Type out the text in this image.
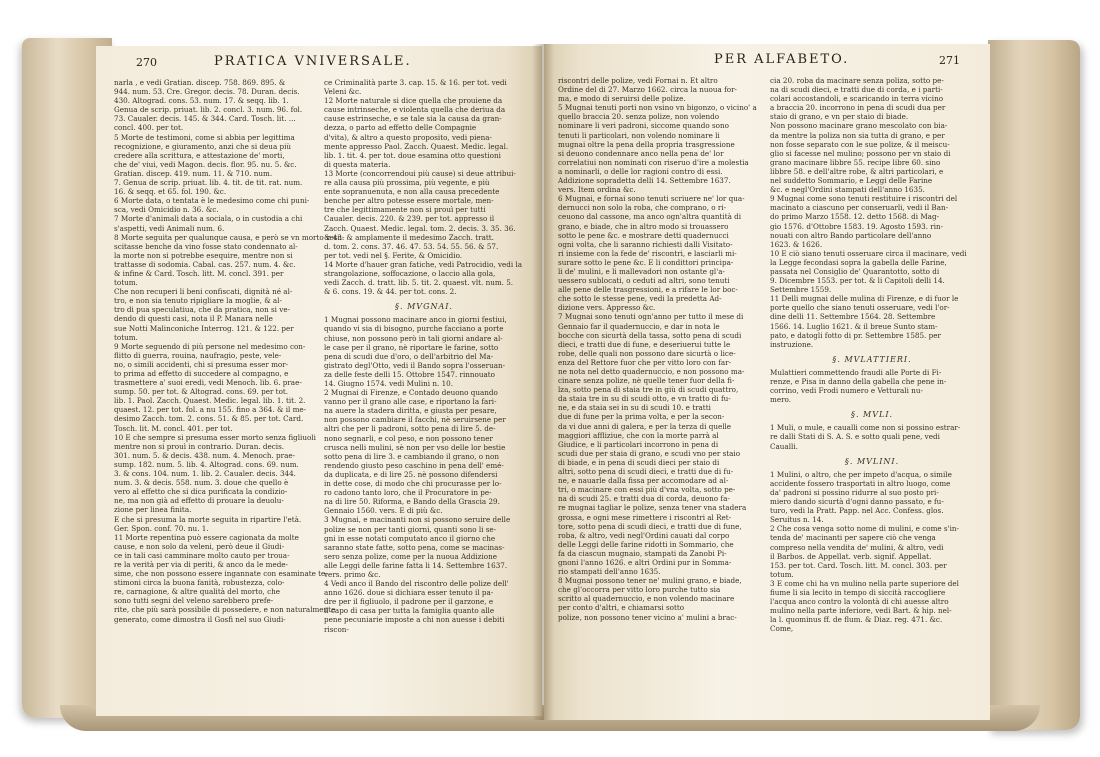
270	PRATICA VNIVERSALE.
narla , e vedi Gratian. discep. 758. 869. 895. &
944. num. 53. Cre. Gregor. decis. 78. Duran. decis.
430. Altograd. cons. 53. num. 17. & seqq. lib. 1.
Genua de scrip. priuat. lib. 2. concl. 3. num. 96. fol.
73. Caualer. decis. 145. & 344. Card. Tosch. lit. ...
concl. 400. per tot.
5 Morte de testimoni, come si abbia per legittima
recognizione, e giuramento, anzi che si deua più
credere alla scrittura, e attestazione de' morti,
che de' viui, vedi Magon. decis. flor. 95. nu. 5. &c.
Gratian. discep. 419. num. 11. & 710. num.
7. Genua de scrip. priuat. lib. 4. tit. de tit. rat. num.
16. & seqq. et 65. fol. 190. &c.
6 Morte data, o tentata è le medesimo come chi puni-
sca, vedi Omicidio n. 36. &c.
7 Morte d'animali data a sociala, o in custodia a chi
s'aspetti, vedi Animali num. 6.
8 Morte seguita per qualunque causa, e però se vn morto resu-
scitasse benche da vino fosse stato condennato al-
la morte non si potrebbe esequire, mentre non si
trattasse di sodomia. Cabal. cas. 257. num. 4. &c.
& infine & Card. Tosch. litt. M. concl. 391. per
totum.
Che non recuperi li beni confiscati, dignità né al-
tro, e non sia tenuto ripigliare la moglie, & al-
tro di pua speculatiua, che da pratica, non si ve-
dendo di questi casi, nota il P. Manara nelle
sue Notti Malinconiche Interrog. 121. & 122. per
totum.
9 Morte seguendo di più persone nel medesimo con-
flitto di guerra, rouina, naufragio, peste, vele-
no, o simili accidenti, chi si presuma esser mor-
to prima ad effetto di succedere al compagno, e
trasmettere a' suoi eredi, vedi Menoch. lib. 6. prae-
sump. 50. per tot. & Altograd. cons. 69. per tot.
lib. 1. Paol. Zacch. Quaest. Medic. legal. lib. 1. tit. 2.
quaest. 12. per tot. fol. a nu 155. fino a 364. & il me-
desimo Zacch. tom. 2. cons. 51. & 85. per tot. Card.
Tosch. lit. M. concl. 401. per tot.
10 E che sempre si presuma esser morto senza figliuoli
mentre non si prouì in contrario. Duran. decis.
301. num. 5. & decis. 438. num. 4. Menoch. prae-
sump. 182. num. 5. lib. 4. Altograd. cons. 69. num.
3. & cons. 104. num. 1. lib. 2. Caualer. decis. 344.
num. 3. & decis. 558. num. 3. doue che quello è
vero al effetto che si dica purificata la condizio-
ne, ma non già ad effetto di prouare la deuolu-
zione per linea finita.
E che si presuma la morte seguita in ripartire l'età.
Ger. Spon. conf. 70. nu. 1.
11 Morte repentina può essere cagionata da molte
cause, e non solo da veleni, però deue il Giudi-
ce in tali casi camminare molto cauto per troua-
re la verità per via di periti, & anco da le mede-
sime, che non possono essere ingannate con esaminate te-
stimoni circa la buona fanità, robustezza, colo-
re, carnagione, & altre qualità del morto, che
sono tutti segni del veleno sarebbero prefe-
rite, che più sarà possibile di possedere, e non naturalmente
generato, come dimostra il Gosfi nel suo Giudi-
ce Criminalità parte 3. cap. 15. & 16. per tot. vedi
Veleni &c.
12 Morte naturale si dice quella che prouiene da
cause intrinseche, e violenta quella che deriua da
cause estrinseche, e se tale sia la causa da gran-
dezza, o parto ad effetto delle Compagnie
d'vita), & altro a questo proposito, vedi piena-
mente appresso Paol. Zacch. Quaest. Medic. legal.
lib. 1. tit. 4. per tot. doue esamina otto questioni
di questa materia.
13 Morte (concorrendoui più cause) si deue attribui-
re alla causa più prossima, più vegente, e più
ente sopranuenuta, e non alla causa precedente
benche per altro potesse essere mortale, men-
tre che legittimamente non si prouì per tutti
Caualer. decis. 220. & 239. per tot. appresso il
Zacch. Quaest. Medic. legal. tom. 2. decis. 3. 35. 36.
& 43. & amplamente il medesimo Zacch. tratt.
d. tom. 2. cons. 37. 46. 47. 53. 54. 55. 56. & 57.
per tot. vedi nel §. Ferite, & Omicidio.
14 Morte d'hauer gran fatiche, vedi Patrocidio, vedi la
strangolazione, soffocazione, o laccio alla gola,
vedi Zacch. d. tratt. lib. 5. tit. 2. quaest. vlt. num. 5.
& 6. cons. 19. & 44. per tot. cons. 2.
§. MVGNAI.
1 Mugnai possono macinare anco in giorni festiui,
quando vi sia di bisogno, purche facciano a porte
chiuse, non possono però in tali giorni andare al-
le case per il grano, nè riportare le farine, sotto
pena di scudi due d'oro, o dell'arbitrio del Ma-
gistrato degl'Otto, vedi il Bando sopra l'osseruan-
za delle feste delli 15. Ottobre 1547. rinnouato
14. Giugno 1574. vedi Mulini n. 10.
2 Mugnai di Firenze, e Contado deuono quando
vanno per il grano alle case, e riportano la fari-
na auere la stadera diritta, e giusta per pesare,
non possono cambiare il facchi, nè seruirsene per
altri che per li padroni, sotto pena di lire 5. de-
nono segnarli, e col peso, e non possono tener
crusca nelli mulini, sè non per vso delle lor bestie
sotto pena di lire 3. e cambiando il grano, o non
rendendo giusto peso caschino in pena dell' emé-
da duplicata, e di lire 25. nè possono difendersi
in dette cose, di modo che chi procurasse per lo-
ro cadono tanto loro, che il Procuratore in pe-
na di lire 50. Riforma, e Bando della Grascia 29.
Gennaio 1560. vers. E di più &c.
3 Mugnai, e macinanti non si possono seruire delle
polize se non per tanti giorni, quanti sono li se-
gni in esse notati computato anco il giorno che
saranno state fatte, sotto pena, come se macinas-
sero senza polize, come per la nuoua Addizione
alle Leggi delle farine fatta li 14. Settembre 1637.
vers. primo &c.
4 Vedi anco il Bando del riscontro delle polize dell'
anno 1626. doue si dichiara esser tenuto il pa-
dre per il figliuolo, il padrone per il garzone, e
il capo di casa per tutta la famiglia quanto alle
pene pecuniarie imposte a chi non auesse i debiti
riscon-
PER ALFABETO.	271
riscontri delle polize, vedi Fornai n. Et altro
Ordine del di 27. Marzo 1662. circa la nuoua for-
ma, e modo di seruirsi delle polize.
5 Mugnai tenuti porti non vsino vn bigonzo, o vicino' a
quello braccia 20. senza polize, non volendo
nominare li veri padroni, siccome quando sono
tenuti li particolari, non volendo nominare li
mugnai oltre la pena della propria trasgressione
si deuono condennare anco nella pena de' lor
correlatiui non nominati con riseruo d'ire a molestia
a nominarli, o delle lor ragioni contro di essi.
Addizione sopradetta delli 14. Settembre 1637.
vers. Item ordina &c.
6 Mugnai, e fornai sono tenuti scriuere ne' lor qua-
dernucci non solo la roba, che comprano, o ri-
ceuono dal cassone, ma anco ogn'altra quantità di
grano, e biade, che in altro modo si trouassero
sotto le pene &c. e mostrare detti quadernucci
ogni volta, che li saranno richiesti dalli Visitato-
ri insieme con la fede de' riscontri, e lasciarli mi-
surare sotto le pene &c. E li condittori principa-
li de' mulini, e li mallevadori non ostante gl'a-
uessero sublocati, o ceduti ad altri, sono tenuti
alle pene delle trasgressioni, e a rifare le lor boc-
che sotto le stesse pene, vedi la predetta Ad-
dizione vers. Appresso &c.
7 Mugnai sono tenuti ogn'anno per tutto il mese di
Gennaio far il quadernuccio, e dar in nota le
bocche con sicurtà della tassa, sotto pena di scudi
dieci, e tratti due di fune, e deseriuerui tutte le
robe, delle quali non possono dare sicurtà o lice-
enza del Rettore fuor che per vitto loro con far-
ne nota nel detto quadernuccio, e non possono ma-
cinare senza polize, nè quelle tener fuor della fi-
lza, sotto pena di staia tre in giù di scudi quattro,
da staia tre in su di scudi otto, e vn tratto di fu-
ne, e da staia sei in su di scudi 10. e tratti
due di fune per la prima volta, e per la secon-
da vi due anni di galera, e per la terza di quelle
maggiori affliziue, che con la morte parrà al
Giudice, e li particolari incorrono in pena di
scudi due per staia di grano, e scudi vno per staio
di biade, e in pena di scudi dieci per staio di
altri, sotto pena di scudi dieci, e tratti due di fu-
ne, e nauarle dalla fissa per accomodare ad al-
tri, o macinare con essi più d'vna volta, sotto pe-
na di scudi 25. e tratti dua di corda, deuono fa-
re mugnai tagliar le polize, senza tener vna stadera
grossa, e ogni mese rimettere i riscontri al Ret-
tore, sotto pena di scudi dieci, e tratti due di fune,
roba, & altro, vedi negl'Ordini cauati dal corpo
delle Leggi delle farine ridotti in Sommario, che
fa da ciascun mugnaio, stampati da Zanobi Pi-
gnoni l'anno 1626. e altri Ordini pur in Somma-
rio stampati dell'anno 1635.
8 Mugnai possono tener ne' mulini grano, e biade,
che gl'occorra per vitto loro purche tutto sia
scritto al quadernuccio, e non volendo macinare
per conto d'altri, e chiamarsi sotto
polize, non possono tener vicino a' mulini a brac-
cia 20. roba da macinare senza poliza, sotto pe-
na di scudi dieci, e tratti due di corda, e i parti-
colari accostandoli, e scaricando in terra vicino
a braccia 20. incorrono in pena di scudi dua per
staio di grano, e vn per staio di biade.
Non possono macinare grano mescolato con bia-
da mentre la poliza non sia tutta di grano, e per
non fosse separato con le sue polize, & il meiscu-
glio si facesse nel mulino; possono per vn staio di
grano macinare libbre 55. recipe libre 60. sino
libbre 58. e dell'altre robe, & altri particolari, e
nel suddetto Sommario, e Leggi delle Farine
&c. e negl'Ordini stampati dell'anno 1635.
9 Mugnai come sono tenuti restituire i riscontri del
macinato a ciascuno per conseruarli, vedi il Ban-
do primo Marzo 1558. 12. detto 1568. di Mag-
gio 1576. d'Ottobre 1583. 19. Agosto 1593. rin-
nouati con altro Bando particolare dell'anno
1623. & 1626.
10 E ciò siano tenuti osseruare circa il macinare, vedi
la Legge fecondasi sopra la gabella delle Farine,
passata nel Consiglio de' Quarantotto, sotto di
9. Dicembre 1553. per tot. & li Capitoli delli 14.
Settembre 1559.
11 Delli mugnai delle mulina di Firenze, e di fuor le
porte quello che siano tenuti osseruare, vedi l'or-
dine delli 11. Settembre 1564. 28. Settembre
1566. 14. Luglio 1621. & il breue Sunto stam-
pato, e datogli fotto di pr. Settembre 1585. per
instruzione.
§. MVLATTIERI.
Mulattieri commettendo fraudi alle Porte di Fi-
renze, e Pisa in danno della gabella che pene in-
corrino, vedi Frodi numero e Vetturali nu-
mero.
§. MVLI.
1 Muli, o mule, e caualli come non si possino estrar-
re dalli Stati di S. A. S. e sotto quali pene, vedi
Caualli.
§. MVLINI.
1 Mulini, o altro, che per impeto d'acqua, o simile
accidente fossero trasportati in altro luogo, come
da' padroni si possino ridurre al suo posto pri-
miero dando sicurtà d'ogni danno passato, e fu-
turo, vedi la Pratt. Papp. nel Acc. Confess. glos.
Seruitus n. 14.
2 Che cosa venga sotto nome di mulini, e come s'in-
tenda de' macinanti per sapere ciò che venga
compreso nella vendita de' mulini, & altro, vedi
il Barbos. de Appellat. verb. signif. Appellat.
153. per tot. Card. Tosch. litt. M. concl. 303. per
totum.
3 E come chi ha vn mulino nella parte superiore del
fiume li sia lecito in tempo di siccità raccogliere
l'acqua anco contro la volontà di chi auesse altro
mulino nella parte inferiore, vedi Bart. & hip. nel-
la l. quominus ff. de flum. & Diaz. reg. 471. &c.
Come,
